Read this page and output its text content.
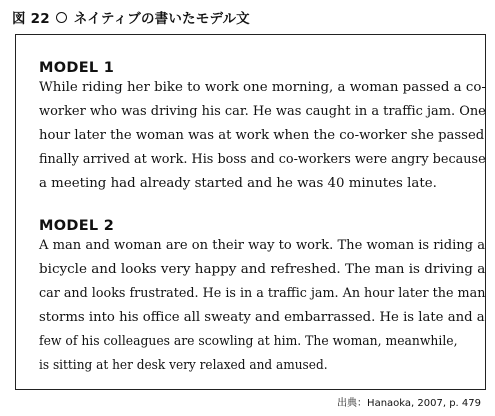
図 22 ネイティブの書いたモデル文
MODEL 1
While riding her bike to work one morning, a woman passed a co-
worker who was driving his car. He was caught in a traffic jam. One
hour later the woman was at work when the co-worker she passed
finally arrived at work. His boss and co-workers were angry because
a meeting had already started and he was 40 minutes late.
MODEL 2
A man and woman are on their way to work. The woman is riding a
bicycle and looks very happy and refreshed. The man is driving a
car and looks frustrated. He is in a traffic jam. An hour later the man
storms into his office all sweaty and embarrassed. He is late and a
few of his colleagues are scowling at him. The woman, meanwhile,
is sitting at her desk very relaxed and amused.
出典：Hanaoka, 2007, p. 479
